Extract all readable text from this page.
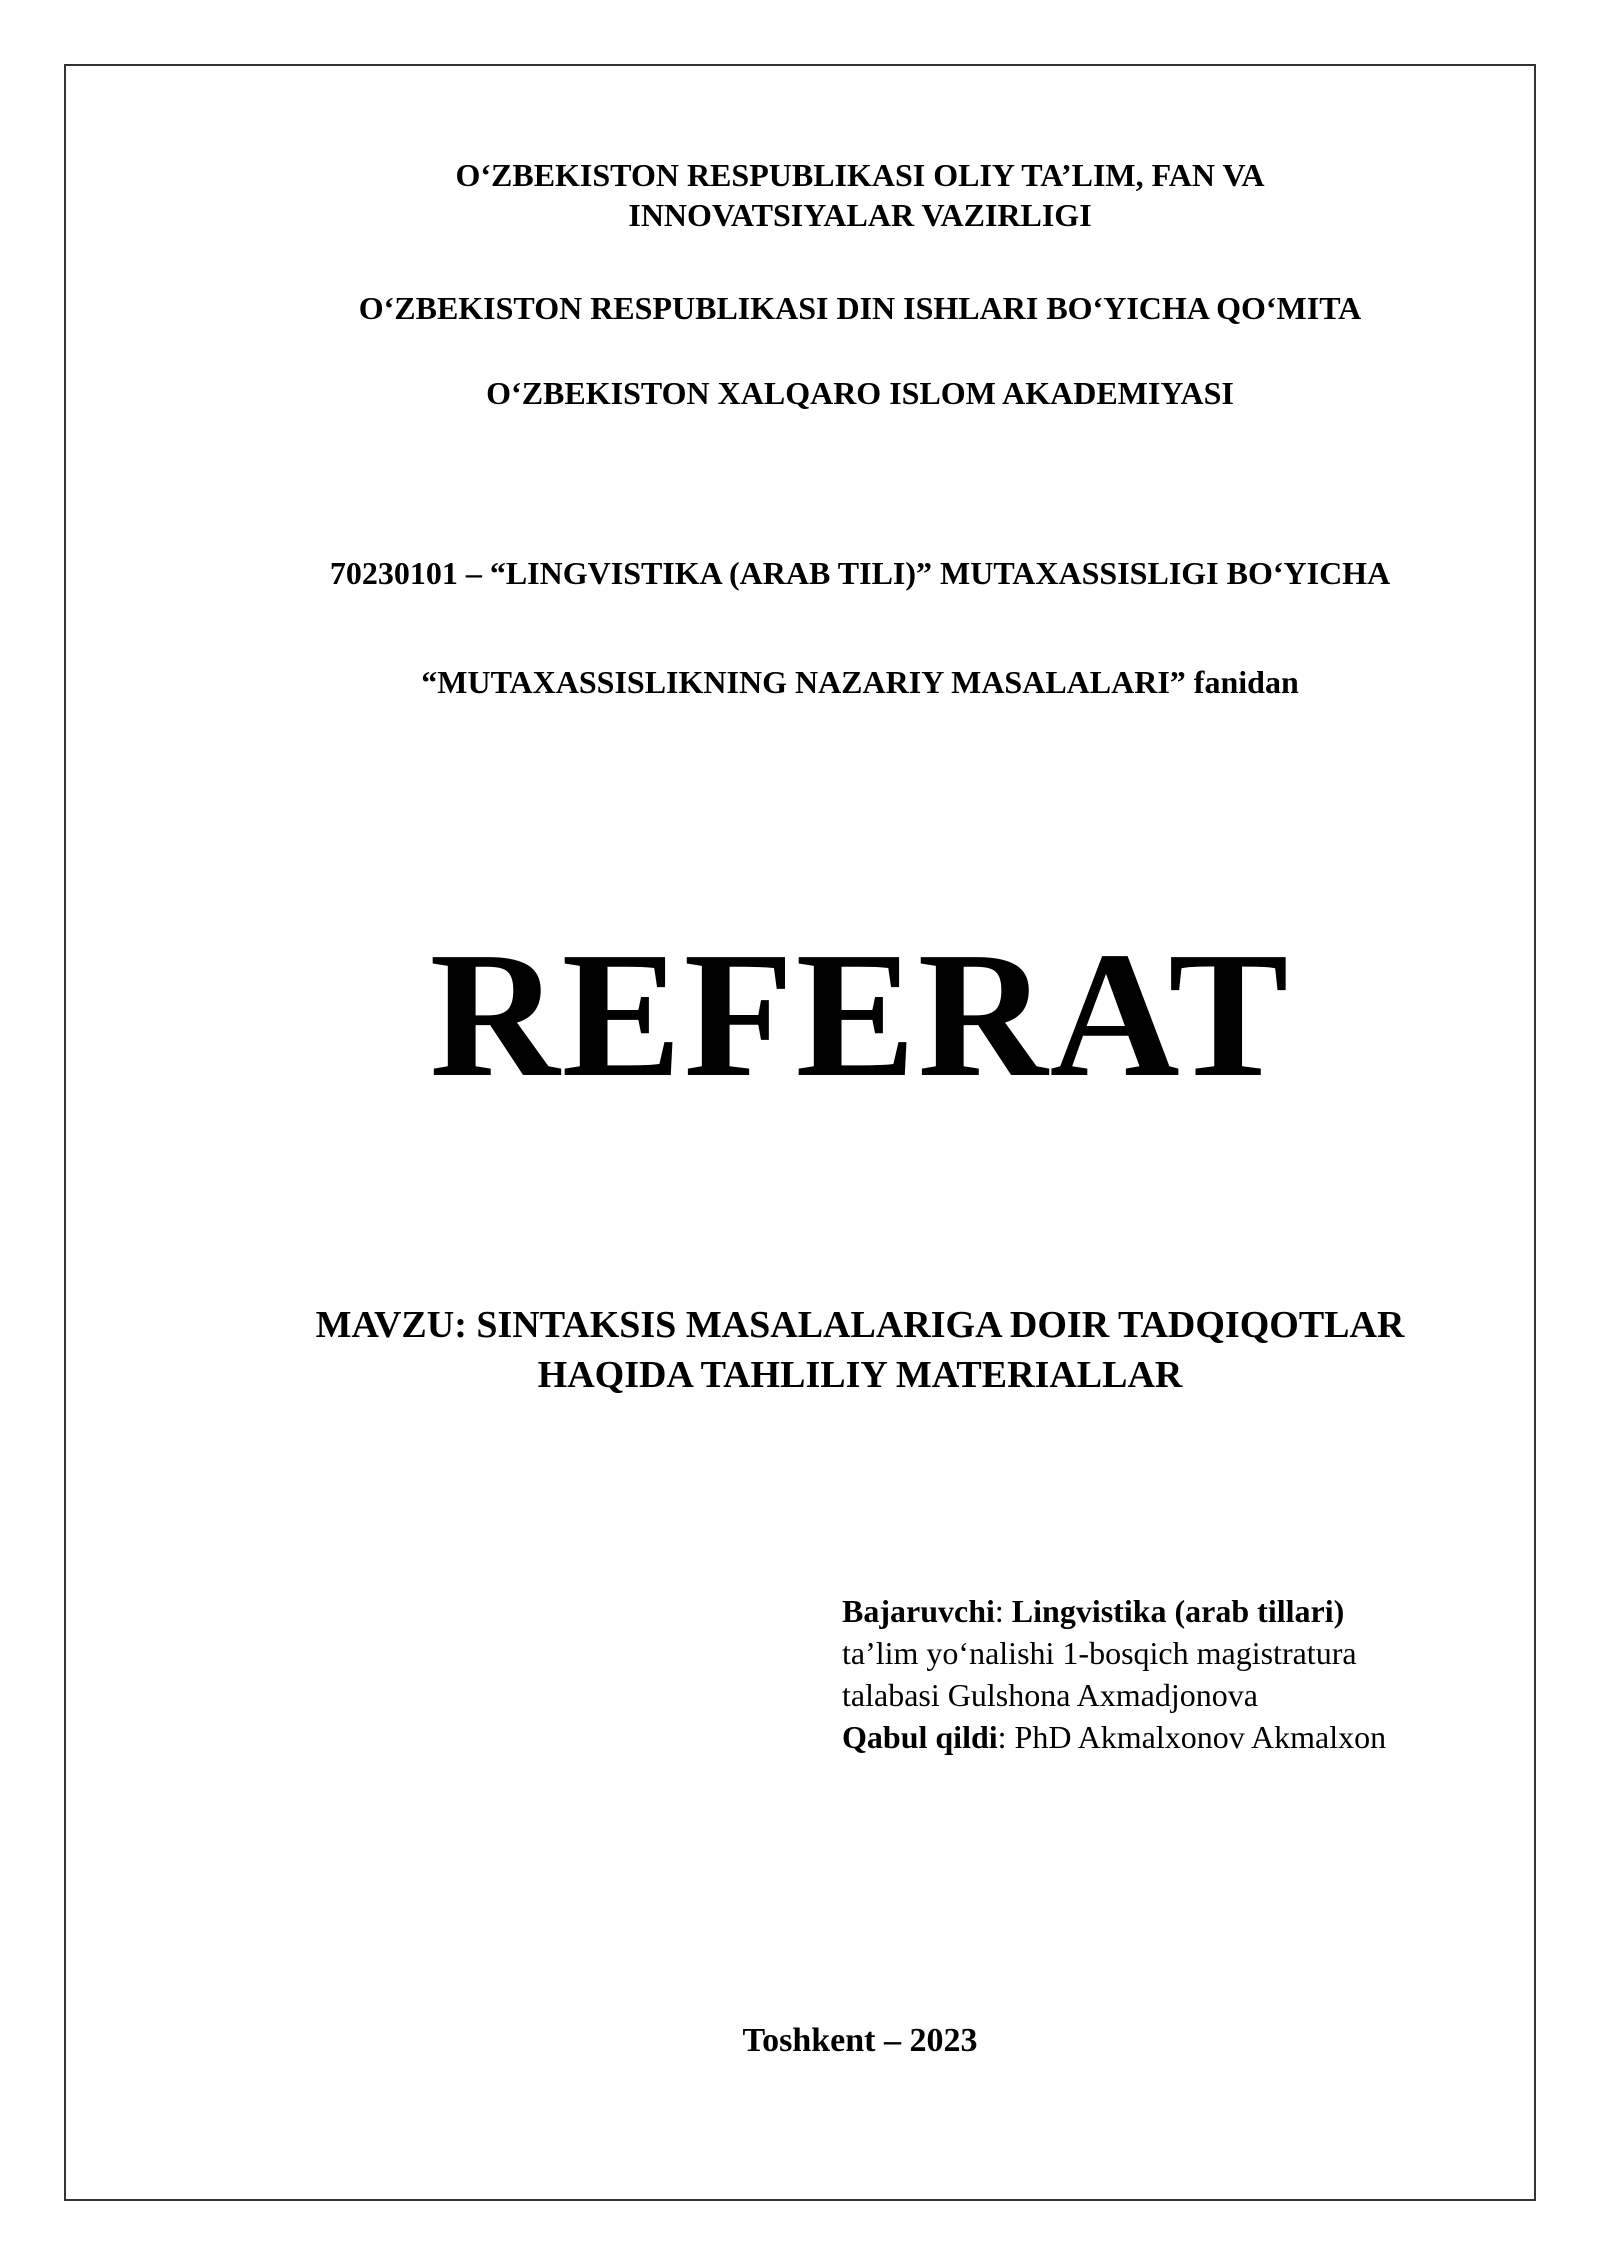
O‘ZBEKISTON RESPUBLIKASI OLIY TA’LIM, FAN VA
INNOVATSIYALAR VAZIRLIGI
O‘ZBEKISTON RESPUBLIKASI DIN ISHLARI BO‘YICHA QO‘MITA
O‘ZBEKISTON XALQARO ISLOM AKADEMIYASI
70230101 – “LINGVISTIKA (ARAB TILI)” MUTAXASSISLIGI BO‘YICHA
“MUTAXASSISLIKNING NAZARIY MASALALARI” fanidan
REFERAT
MAVZU: SINTAKSIS MASALALARIGA DOIR TADQIQOTLAR
HAQIDA TAHLILIY MATERIALLAR
Bajaruvchi: Lingvistika (arab tillari)
ta’lim yo‘nalishi 1-bosqich magistratura
talabasi Gulshona Axmadjonova
Qabul qildi: PhD Akmalxonov Akmalxon
Toshkent – 2023
